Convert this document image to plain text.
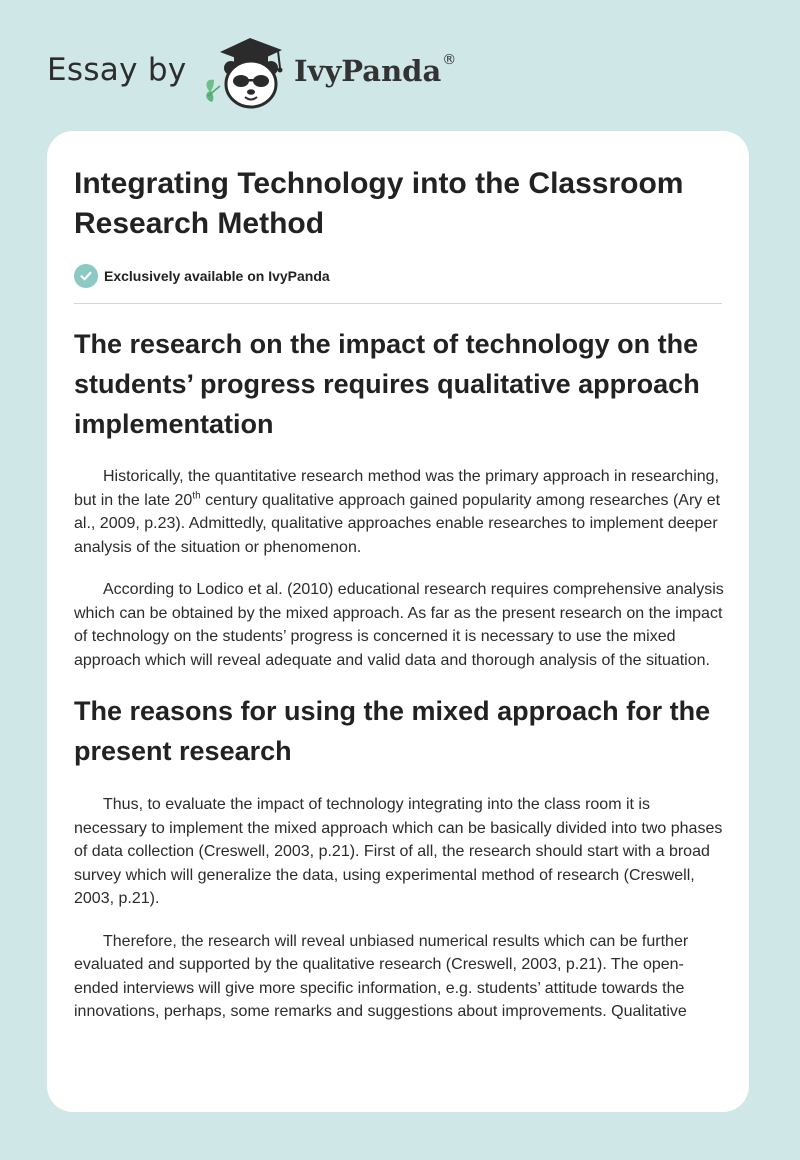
Essay by	IvyPanda®
Integrating Technology into the Classroom Research Method
Exclusively available on IvyPanda
The research on the impact of technology on the students’ progress requires qualitative approach implementation

Historically, the quantitative research method was the primary approach in researching, but in the late 20th century qualitative approach gained popularity among researches (Ary et al., 2009, p.23). Admittedly, qualitative approaches enable researches to implement deeper analysis of the situation or phenomenon.

According to Lodico et al. (2010) educational research requires comprehensive analysis which can be obtained by the mixed approach. As far as the present research on the impact of technology on the students’ progress is concerned it is necessary to use the mixed approach which will reveal adequate and valid data and thorough analysis of the situation.

The reasons for using the mixed approach for the present research

Thus, to evaluate the impact of technology integrating into the class room it is necessary to implement the mixed approach which can be basically divided into two phases of data collection (Creswell, 2003, p.21). First of all, the research should start with a broad survey which will generalize the data, using experimental method of research (Creswell, 2003, p.21).

Therefore, the research will reveal unbiased numerical results which can be further evaluated and supported by the qualitative research (Creswell, 2003, p.21). The open-ended interviews will give more specific information, e.g. students’ attitude towards the innovations, perhaps, some remarks and suggestions about improvements. Qualitative
